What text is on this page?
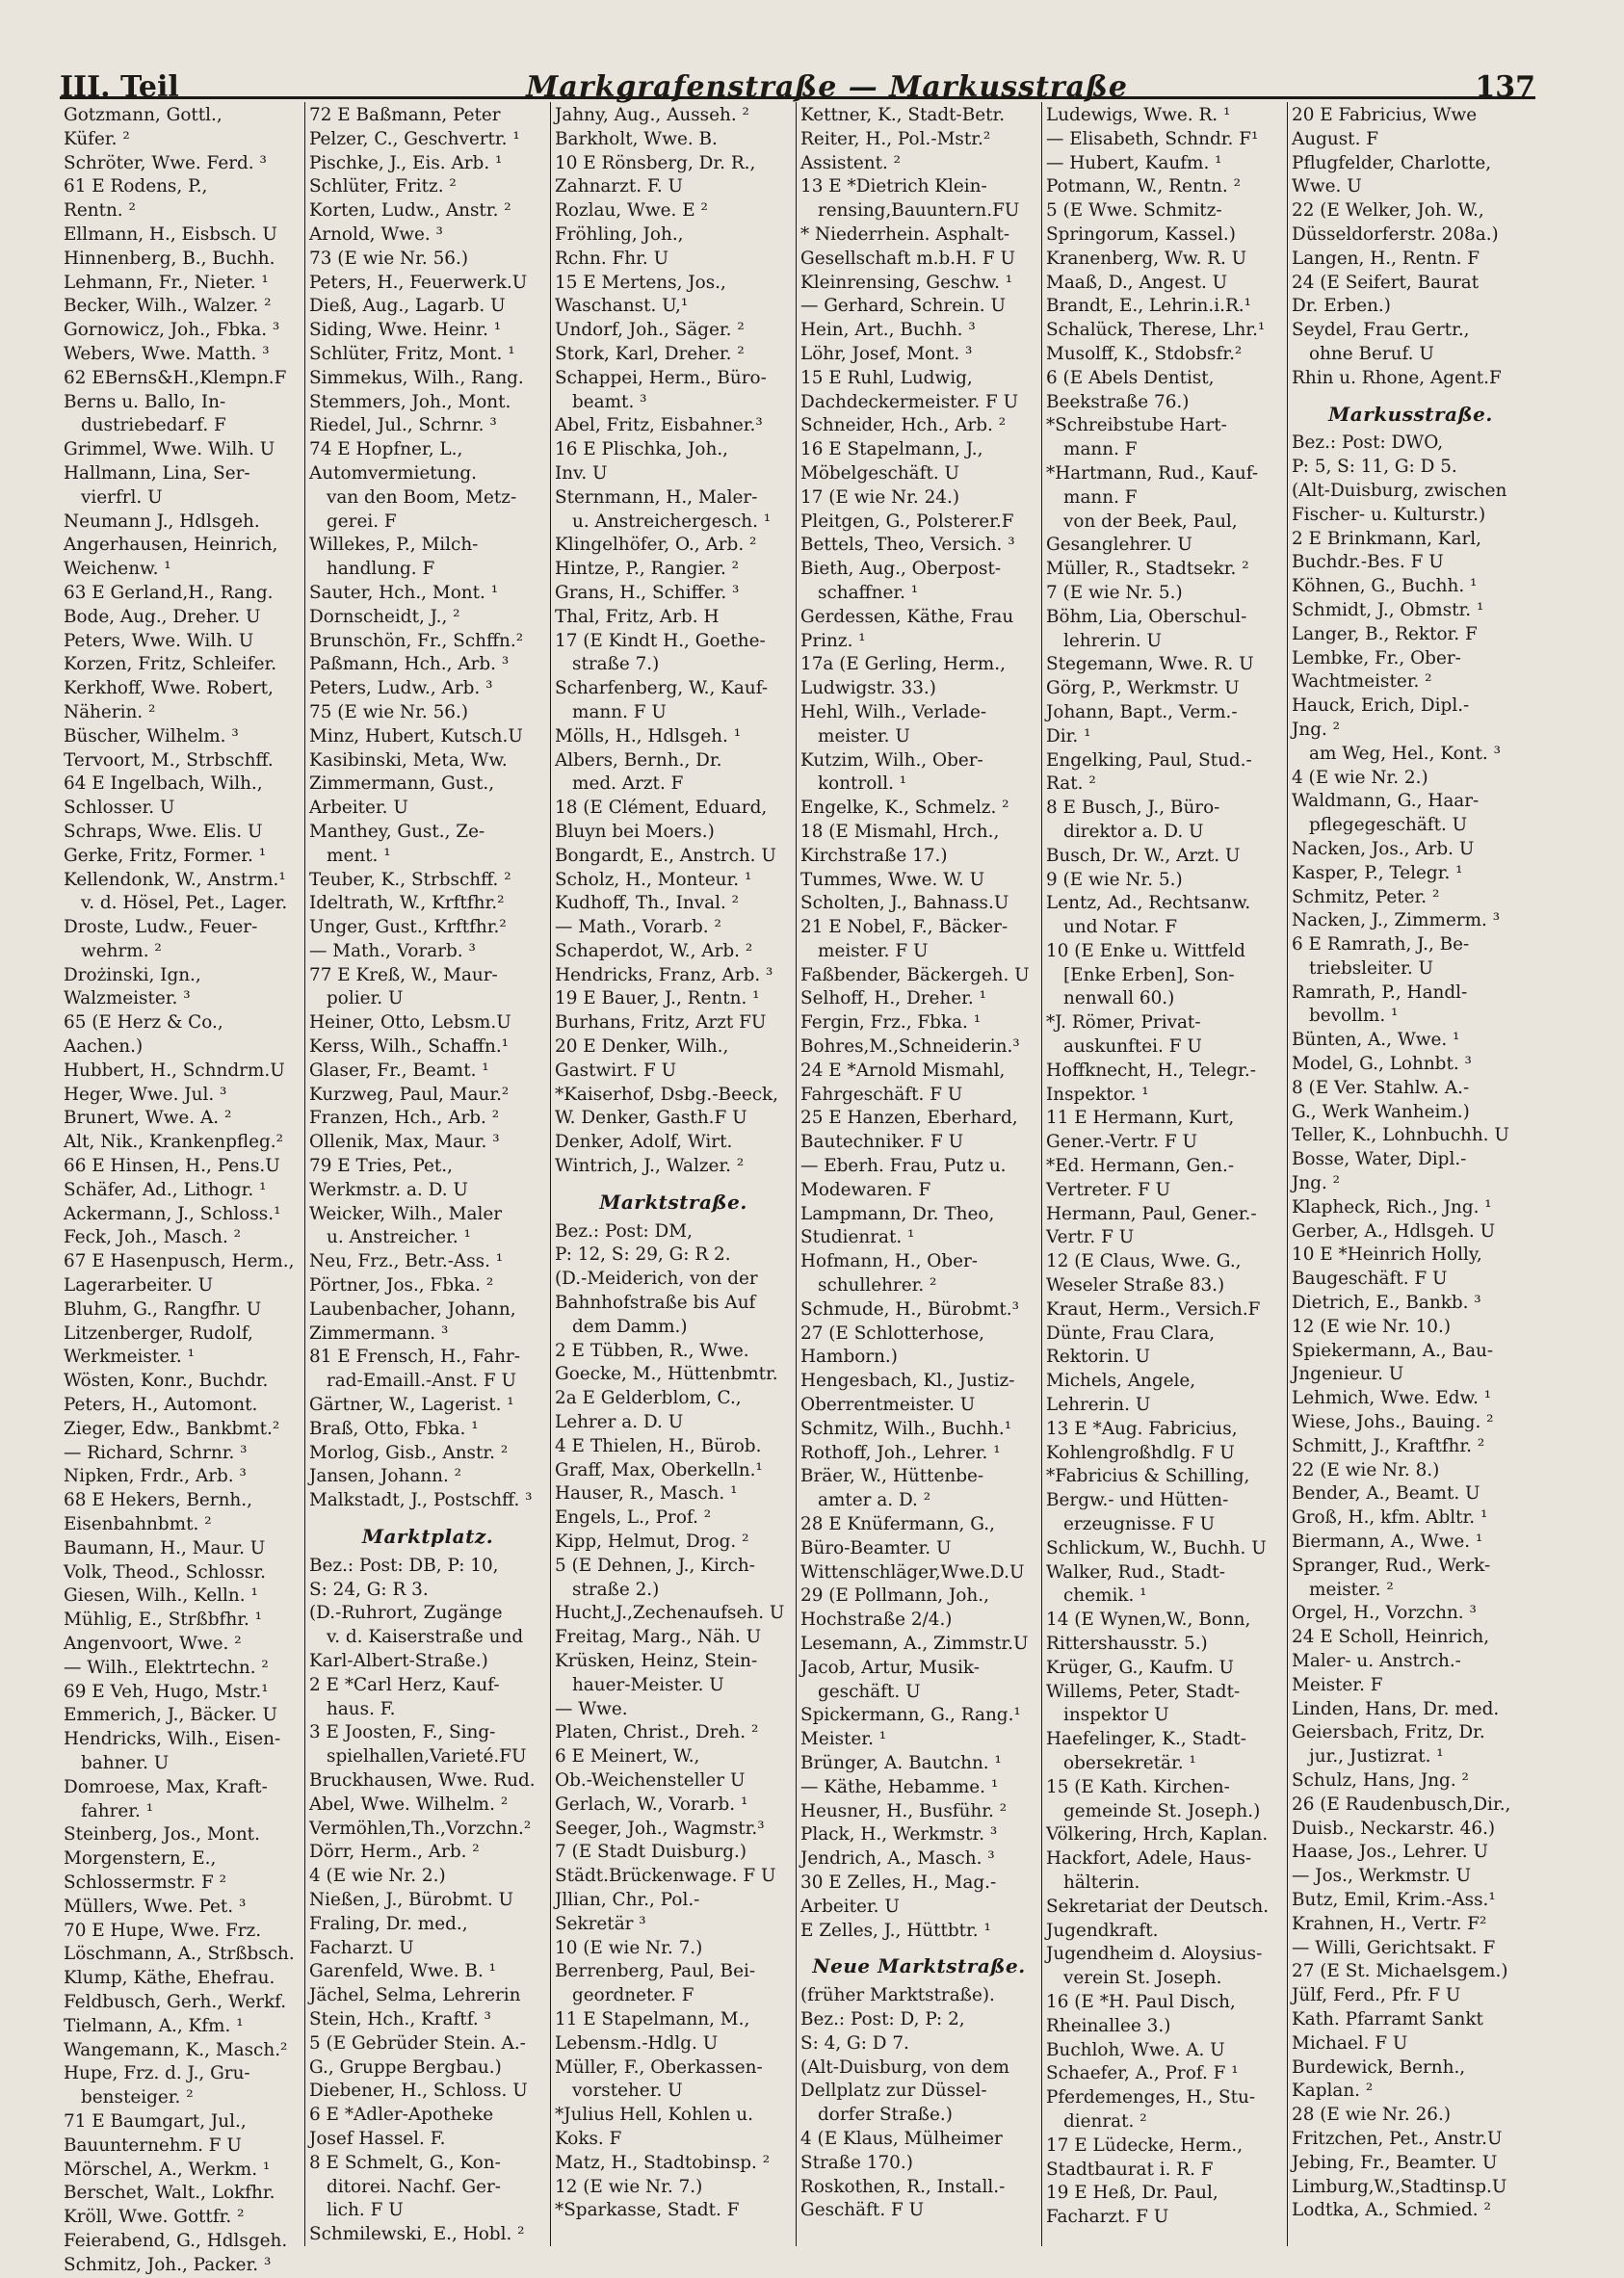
III. Teil	Markgrafenstraße — Markusstraße	137
Gotzmann, Gottl.,
Küfer. ²
Schröter, Wwe. Ferd. ³
61 E Rodens, P.,
Rentn. ²
Ellmann, H., Eisbsch. U
Hinnenberg, B., Buchh.
Lehmann, Fr., Nieter. ¹
Becker, Wilh., Walzer. ²
Gornowicz, Joh., Fbka. ³
Webers, Wwe. Matth. ³
62 EBerns&H.,Klempn.F
Berns u. Ballo, In-
dustriebedarf. F
Grimmel, Wwe. Wilh. U
Hallmann, Lina, Ser-
vierfrl. U
Neumann J., Hdlsgeh.
Angerhausen, Heinrich,
Weichenw. ¹
63 E Gerland,H., Rang.
Bode, Aug., Dreher. U
Peters, Wwe. Wilh. U
Korzen, Fritz, Schleifer.
Kerkhoff, Wwe. Robert,
Näherin. ²
Büscher, Wilhelm. ³
Tervoort, M., Strbschff.
64 E Ingelbach, Wilh.,
Schlosser. U
Schraps, Wwe. Elis. U
Gerke, Fritz, Former. ¹
Kellendonk, W., Anstrm.¹
v. d. Hösel, Pet., Lager.
Droste, Ludw., Feuer-
wehrm. ²
Drożinski, Ign.,
Walzmeister. ³
65 (E Herz & Co.,
Aachen.)
Hubbert, H., Schndrm.U
Heger, Wwe. Jul. ³
Brunert, Wwe. A. ²
Alt, Nik., Krankenpfleg.²
66 E Hinsen, H., Pens.U
Schäfer, Ad., Lithogr. ¹
Ackermann, J., Schloss.¹
Feck, Joh., Masch. ²
67 E Hasenpusch, Herm.,
Lagerarbeiter. U
Bluhm, G., Rangfhr. U
Litzenberger, Rudolf,
Werkmeister. ¹
Wösten, Konr., Buchdr.
Peters, H., Automont.
Zieger, Edw., Bankbmt.²
— Richard, Schrnr. ³
Nipken, Frdr., Arb. ³
68 E Hekers, Bernh.,
Eisenbahnbmt. ²
Baumann, H., Maur. U
Volk, Theod., Schlossr.
Giesen, Wilh., Kelln. ¹
Mühlig, E., Strßbfhr. ¹
Angenvoort, Wwe. ²
— Wilh., Elektrtechn. ²
69 E Veh, Hugo, Mstr.¹
Emmerich, J., Bäcker. U
Hendricks, Wilh., Eisen-
bahner. U
Domroese, Max, Kraft-
fahrer. ¹
Steinberg, Jos., Mont.
Morgenstern, E.,
Schlossermstr. F ²
Müllers, Wwe. Pet. ³
70 E Hupe, Wwe. Frz.
Löschmann, A., Strßbsch.
Klump, Käthe, Ehefrau.
Feldbusch, Gerh., Werkf.
Tielmann, A., Kfm. ¹
Wangemann, K., Masch.²
Hupe, Frz. d. J., Gru-
bensteiger. ²
71 E Baumgart, Jul.,
Bauunternehm. F U
Mörschel, A., Werkm. ¹
Berschet, Walt., Lokfhr.
Kröll, Wwe. Gottfr. ²
Feierabend, G., Hdlsgeh.
Schmitz, Joh., Packer. ³
72 E Baßmann, Peter
Pelzer, C., Geschvertr. ¹
Pischke, J., Eis. Arb. ¹
Schlüter, Fritz. ²
Korten, Ludw., Anstr. ²
Arnold, Wwe. ³
73 (E wie Nr. 56.)
Peters, H., Feuerwerk.U
Dieß, Aug., Lagarb. U
Siding, Wwe. Heinr. ¹
Schlüter, Fritz, Mont. ¹
Simmekus, Wilh., Rang.
Stemmers, Joh., Mont.
Riedel, Jul., Schrnr. ³
74 E Hopfner, L.,
Automvermietung.
van den Boom, Metz-
gerei. F
Willekes, P., Milch-
handlung. F
Sauter, Hch., Mont. ¹
Dornscheidt, J., ²
Brunschön, Fr., Schffn.²
Paßmann, Hch., Arb. ³
Peters, Ludw., Arb. ³
75 (E wie Nr. 56.)
Minz, Hubert, Kutsch.U
Kasibinski, Meta, Ww.
Zimmermann, Gust.,
Arbeiter. U
Manthey, Gust., Ze-
ment. ¹
Teuber, K., Strbschff. ²
Ideltrath, W., Krftfhr.²
Unger, Gust., Krftfhr.²
— Math., Vorarb. ³
77 E Kreß, W., Maur-
polier. U
Heiner, Otto, Lebsm.U
Kerss, Wilh., Schaffn.¹
Glaser, Fr., Beamt. ¹
Kurzweg, Paul, Maur.²
Franzen, Hch., Arb. ²
Ollenik, Max, Maur. ³
79 E Tries, Pet.,
Werkmstr. a. D. U
Weicker, Wilh., Maler
u. Anstreicher. ¹
Neu, Frz., Betr.-Ass. ¹
Pörtner, Jos., Fbka. ²
Laubenbacher, Johann,
Zimmermann. ³
81 E Frensch, H., Fahr-
rad-Emaill.-Anst. F U
Gärtner, W., Lagerist. ¹
Braß, Otto, Fbka. ¹
Morlog, Gisb., Anstr. ²
Jansen, Johann. ²
Malkstadt, J., Postschff. ³
Marktplatz.
Bez.: Post: DB, P: 10,
S: 24, G: R 3.
(D.-Ruhrort, Zugänge
v. d. Kaiserstraße und
Karl-Albert-Straße.)
2 E *Carl Herz, Kauf-
haus. F.
3 E Joosten, F., Sing-
spielhallen,Varieté.FU
Bruckhausen, Wwe. Rud.
Abel, Wwe. Wilhelm. ²
Vermöhlen,Th.,Vorzchn.²
Dörr, Herm., Arb. ²
4 (E wie Nr. 2.)
Nießen, J., Bürobmt. U
Fraling, Dr. med.,
Facharzt. U
Garenfeld, Wwe. B. ¹
Jächel, Selma, Lehrerin
Stein, Hch., Kraftf. ³
5 (E Gebrüder Stein. A.-
G., Gruppe Bergbau.)
Diebener, H., Schloss. U
6 E *Adler-Apotheke
Josef Hassel. F.
8 E Schmelt, G., Kon-
ditorei. Nachf. Ger-
lich. F U
Schmilewski, E., Hobl. ²
Jahny, Aug., Ausseh. ²
Barkholt, Wwe. B.
10 E Rönsberg, Dr. R.,
Zahnarzt. F. U
Rozlau, Wwe. E ²
Fröhling, Joh.,
Rchn. Fhr. U
15 E Mertens, Jos.,
Waschanst. U,¹
Undorf, Joh., Säger. ²
Stork, Karl, Dreher. ²
Schappei, Herm., Büro-
beamt. ³
Abel, Fritz, Eisbahner.³
16 E Plischka, Joh.,
Inv. U
Sternmann, H., Maler-
u. Anstreichergesch. ¹
Klingelhöfer, O., Arb. ²
Hintze, P., Rangier. ²
Grans, H., Schiffer. ³
Thal, Fritz, Arb. H
17 (E Kindt H., Goethe-
straße 7.)
Scharfenberg, W., Kauf-
mann. F U
Mölls, H., Hdlsgeh. ¹
Albers, Bernh., Dr.
med. Arzt. F
18 (E Clément, Eduard,
Bluyn bei Moers.)
Bongardt, E., Anstrch. U
Scholz, H., Monteur. ¹
Kudhoff, Th., Inval. ²
— Math., Vorarb. ²
Schaperdot, W., Arb. ²
Hendricks, Franz, Arb. ³
19 E Bauer, J., Rentn. ¹
Burhans, Fritz, Arzt FU
20 E Denker, Wilh.,
Gastwirt. F U
*Kaiserhof, Dsbg.-Beeck,
W. Denker, Gasth.F U
Denker, Adolf, Wirt.
Wintrich, J., Walzer. ²
Marktstraße.
Bez.: Post: DM,
P: 12, S: 29, G: R 2.
(D.-Meiderich, von der
Bahnhofstraße bis Auf
dem Damm.)
2 E Tübben, R., Wwe.
Goecke, M., Hüttenbmtr.
2a E Gelderblom, C.,
Lehrer a. D. U
4 E Thielen, H., Bürob.
Graff, Max, Oberkelln.¹
Hauser, R., Masch. ¹
Engels, L., Prof. ²
Kipp, Helmut, Drog. ²
5 (E Dehnen, J., Kirch-
straße 2.)
Hucht,J.,Zechenaufseh. U
Freitag, Marg., Näh. U
Krüsken, Heinz, Stein-
hauer-Meister. U
— Wwe.
Platen, Christ., Dreh. ²
6 E Meinert, W.,
Ob.-Weichensteller U
Gerlach, W., Vorarb. ¹
Seeger, Joh., Wagmstr.³
7 (E Stadt Duisburg.)
Städt.Brückenwage. F U
Jllian, Chr., Pol.-
Sekretär ³
10 (E wie Nr. 7.)
Berrenberg, Paul, Bei-
geordneter. F
11 E Stapelmann, M.,
Lebensm.-Hdlg. U
Müller, F., Oberkassen-
vorsteher. U
*Julius Hell, Kohlen u.
Koks. F
Matz, H., Stadtobinsp. ²
12 (E wie Nr. 7.)
*Sparkasse, Stadt. F
Kettner, K., Stadt-Betr.
Reiter, H., Pol.-Mstr.²
Assistent. ²
13 E *Dietrich Klein-
rensing,Bauuntern.FU
* Niederrhein. Asphalt-
Gesellschaft m.b.H. F U
Kleinrensing, Geschw. ¹
— Gerhard, Schrein. U
Hein, Art., Buchh. ³
Löhr, Josef, Mont. ³
15 E Ruhl, Ludwig,
Dachdeckermeister. F U
Schneider, Hch., Arb. ²
16 E Stapelmann, J.,
Möbelgeschäft. U
17 (E wie Nr. 24.)
Pleitgen, G., Polsterer.F
Bettels, Theo, Versich. ³
Bieth, Aug., Oberpost-
schaffner. ¹
Gerdessen, Käthe, Frau
Prinz. ¹
17a (E Gerling, Herm.,
Ludwigstr. 33.)
Hehl, Wilh., Verlade-
meister. U
Kutzim, Wilh., Ober-
kontroll. ¹
Engelke, K., Schmelz. ²
18 (E Mismahl, Hrch.,
Kirchstraße 17.)
Tummes, Wwe. W. U
Scholten, J., Bahnass.U
21 E Nobel, F., Bäcker-
meister. F U
Faßbender, Bäckergeh. U
Selhoff, H., Dreher. ¹
Fergin, Frz., Fbka. ¹
Bohres,M.,Schneiderin.³
24 E *Arnold Mismahl,
Fahrgeschäft. F U
25 E Hanzen, Eberhard,
Bautechniker. F U
— Eberh. Frau, Putz u.
Modewaren. F
Lampmann, Dr. Theo,
Studienrat. ¹
Hofmann, H., Ober-
schullehrer. ²
Schmude, H., Bürobmt.³
27 (E Schlotterhose,
Hamborn.)
Hengesbach, Kl., Justiz-
Oberrentmeister. U
Schmitz, Wilh., Buchh.¹
Rothoff, Joh., Lehrer. ¹
Bräer, W., Hüttenbe-
amter a. D. ²
28 E Knüfermann, G.,
Büro-Beamter. U
Wittenschläger,Wwe.D.U
29 (E Pollmann, Joh.,
Hochstraße 2/4.)
Lesemann, A., Zimmstr.U
Jacob, Artur, Musik-
geschäft. U
Spickermann, G., Rang.¹
Meister. ¹
Brünger, A. Bautchn. ¹
— Käthe, Hebamme. ¹
Heusner, H., Busführ. ²
Plack, H., Werkmstr. ³
Jendrich, A., Masch. ³
30 E Zelles, H., Mag.-
Arbeiter. U
E Zelles, J., Hüttbtr. ¹
Neue Marktstraße.
(früher Marktstraße).
Bez.: Post: D, P: 2,
S: 4, G: D 7.
(Alt-Duisburg, von dem
Dellplatz zur Düssel-
dorfer Straße.)
4 (E Klaus, Mülheimer
Straße 170.)
Roskothen, R., Install.-
Geschäft. F U
Ludewigs, Wwe. R. ¹
— Elisabeth, Schndr. F¹
— Hubert, Kaufm. ¹
Potmann, W., Rentn. ²
5 (E Wwe. Schmitz-
Springorum, Kassel.)
Kranenberg, Ww. R. U
Maaß, D., Angest. U
Brandt, E., Lehrin.i.R.¹
Schalück, Therese, Lhr.¹
Musolff, K., Stdobsfr.²
6 (E Abels Dentist,
Beekstraße 76.)
*Schreibstube Hart-
mann. F
*Hartmann, Rud., Kauf-
mann. F
von der Beek, Paul,
Gesanglehrer. U
Müller, R., Stadtsekr. ²
7 (E wie Nr. 5.)
Böhm, Lia, Oberschul-
lehrerin. U
Stegemann, Wwe. R. U
Görg, P., Werkmstr. U
Johann, Bapt., Verm.-
Dir. ¹
Engelking, Paul, Stud.-
Rat. ²
8 E Busch, J., Büro-
direktor a. D. U
Busch, Dr. W., Arzt. U
9 (E wie Nr. 5.)
Lentz, Ad., Rechtsanw.
und Notar. F
10 (E Enke u. Wittfeld
[Enke Erben], Son-
nenwall 60.)
*J. Römer, Privat-
auskunftei. F U
Hoffknecht, H., Telegr.-
Inspektor. ¹
11 E Hermann, Kurt,
Gener.-Vertr. F U
*Ed. Hermann, Gen.-
Vertreter. F U
Hermann, Paul, Gener.-
Vertr. F U
12 (E Claus, Wwe. G.,
Weseler Straße 83.)
Kraut, Herm., Versich.F
Dünte, Frau Clara,
Rektorin. U
Michels, Angele,
Lehrerin. U
13 E *Aug. Fabricius,
Kohlengroßhdlg. F U
*Fabricius & Schilling,
Bergw.- und Hütten-
erzeugnisse. F U
Schlickum, W., Buchh. U
Walker, Rud., Stadt-
chemik. ¹
14 (E Wynen,W., Bonn,
Rittershausstr. 5.)
Krüger, G., Kaufm. U
Willems, Peter, Stadt-
inspektor U
Haefelinger, K., Stadt-
obersekretär. ¹
15 (E Kath. Kirchen-
gemeinde St. Joseph.)
Völkering, Hrch, Kaplan.
Hackfort, Adele, Haus-
hälterin.
Sekretariat der Deutsch.
Jugendkraft.
Jugendheim d. Aloysius-
verein St. Joseph.
16 (E *H. Paul Disch,
Rheinallee 3.)
Buchloh, Wwe. A. U
Schaefer, A., Prof. F ¹
Pferdemenges, H., Stu-
dienrat. ²
17 E Lüdecke, Herm.,
Stadtbaurat i. R. F
19 E Heß, Dr. Paul,
Facharzt. F U
20 E Fabricius, Wwe
August. F
Pflugfelder, Charlotte,
Wwe. U
22 (E Welker, Joh. W.,
Düsseldorferstr. 208a.)
Langen, H., Rentn. F
24 (E Seifert, Baurat
Dr. Erben.)
Seydel, Frau Gertr.,
ohne Beruf. U
Rhin u. Rhone, Agent.F
Markusstraße.
Bez.: Post: DWO,
P: 5, S: 11, G: D 5.
(Alt-Duisburg, zwischen
Fischer- u. Kulturstr.)
2 E Brinkmann, Karl,
Buchdr.-Bes. F U
Köhnen, G., Buchh. ¹
Schmidt, J., Obmstr. ¹
Langer, B., Rektor. F
Lembke, Fr., Ober-
Wachtmeister. ²
Hauck, Erich, Dipl.-
Jng. ²
am Weg, Hel., Kont. ³
4 (E wie Nr. 2.)
Waldmann, G., Haar-
pflegegeschäft. U
Nacken, Jos., Arb. U
Kasper, P., Telegr. ¹
Schmitz, Peter. ²
Nacken, J., Zimmerm. ³
6 E Ramrath, J., Be-
triebsleiter. U
Ramrath, P., Handl-
bevollm. ¹
Bünten, A., Wwe. ¹
Model, G., Lohnbt. ³
8 (E Ver. Stahlw. A.-
G., Werk Wanheim.)
Teller, K., Lohnbuchh. U
Bosse, Water, Dipl.-
Jng. ²
Klapheck, Rich., Jng. ¹
Gerber, A., Hdlsgeh. U
10 E *Heinrich Holly,
Baugeschäft. F U
Dietrich, E., Bankb. ³
12 (E wie Nr. 10.)
Spiekermann, A., Bau-
Jngenieur. U
Lehmich, Wwe. Edw. ¹
Wiese, Johs., Bauing. ²
Schmitt, J., Kraftfhr. ²
22 (E wie Nr. 8.)
Bender, A., Beamt. U
Groß, H., kfm. Abltr. ¹
Biermann, A., Wwe. ¹
Spranger, Rud., Werk-
meister. ²
Orgel, H., Vorzchn. ³
24 E Scholl, Heinrich,
Maler- u. Anstrch.-
Meister. F
Linden, Hans, Dr. med.
Geiersbach, Fritz, Dr.
jur., Justizrat. ¹
Schulz, Hans, Jng. ²
26 (E Raudenbusch,Dir.,
Duisb., Neckarstr. 46.)
Haase, Jos., Lehrer. U
— Jos., Werkmstr. U
Butz, Emil, Krim.-Ass.¹
Krahnen, H., Vertr. F²
— Willi, Gerichtsakt. F
27 (E St. Michaelsgem.)
Jülf, Ferd., Pfr. F U
Kath. Pfarramt Sankt
Michael. F U
Burdewick, Bernh.,
Kaplan. ²
28 (E wie Nr. 26.)
Fritzchen, Pet., Anstr.U
Jebing, Fr., Beamter. U
Limburg,W.,Stadtinsp.U
Lodtka, A., Schmied. ²
